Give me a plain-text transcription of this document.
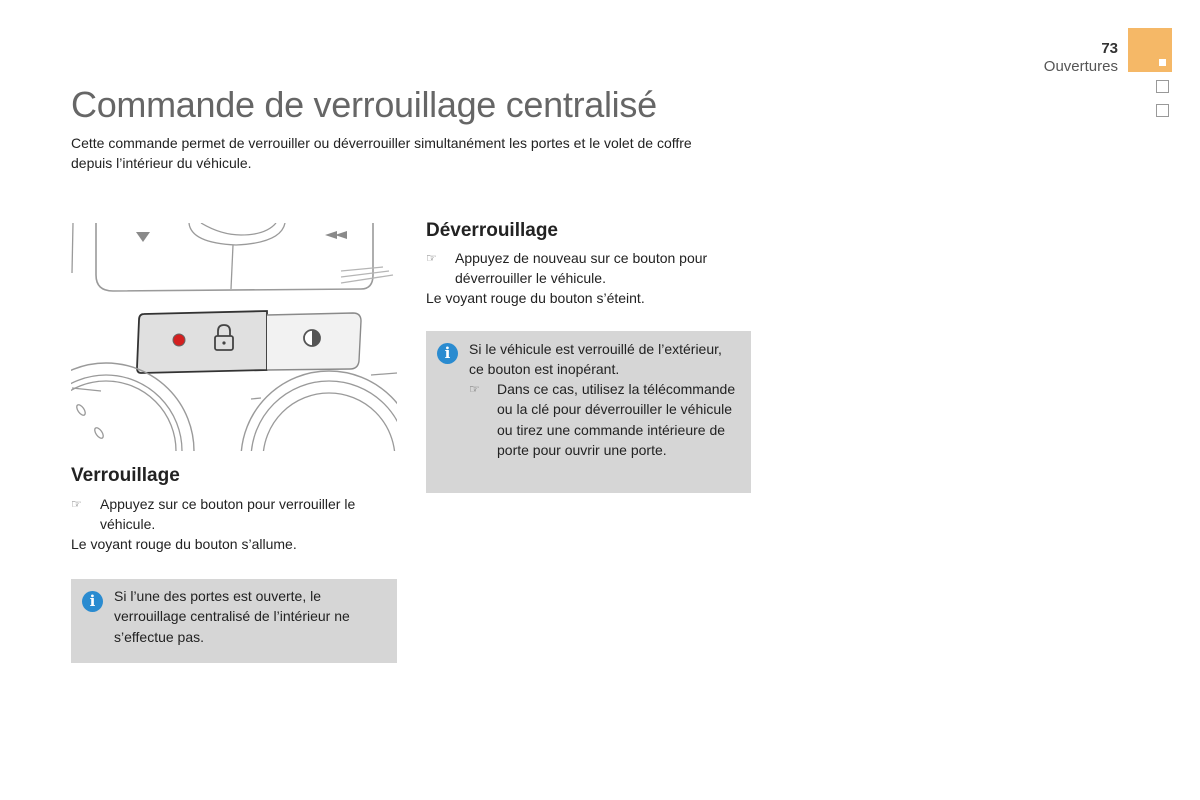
73
Ouvertures
Commande de verrouillage centralisé

Cette commande permet de verrouiller ou déverrouiller simultanément les portes et le volet de coffre depuis l’intérieur du véhicule.

Verrouillage
☞	Appuyez sur ce bouton pour verrouiller le véhicule.

Le voyant rouge du bouton s’allume.

i	Si l’une des portes est ouverte, le verrouillage centralisé de l’intérieur ne s’effectue pas.
Déverrouillage
☞	Appuyez de nouveau sur ce bouton pour déverrouiller le véhicule.

Le voyant rouge du bouton s’éteint.

i	Si le véhicule est verrouillé de l’extérieur, ce bouton est inopérant.
☞	Dans ce cas, utilisez la télécommande ou la clé pour déverrouiller le véhicule ou tirez une commande intérieure de porte pour ouvrir une porte.
